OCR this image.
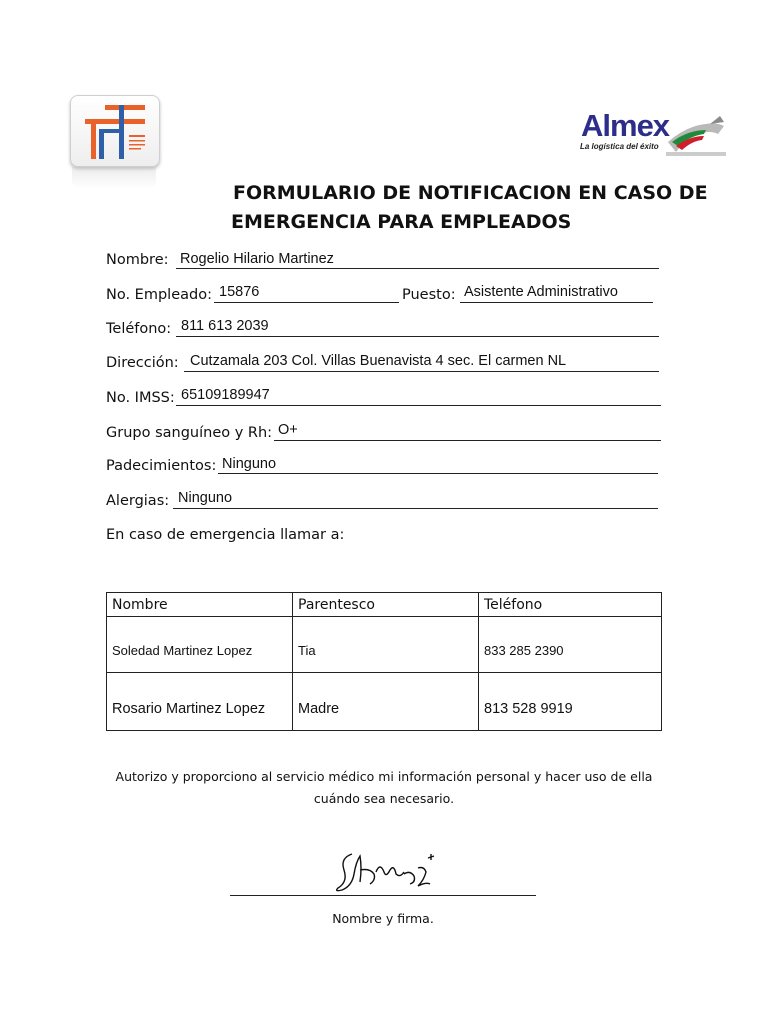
Almex
La logística del éxito
FORMULARIO DE NOTIFICACION EN CASO DE
EMERGENCIA PARA EMPLEADOS
Nombre: Rogelio Hilario Martinez
No. Empleado: 15876	Puesto: Asistente Administrativo
Teléfono: 811 613 2039
Dirección: Cutzamala 203 Col. Villas Buenavista 4 sec. El carmen NL
No. IMSS: 65109189947
Grupo sanguíneo y Rh: O+
Padecimientos: Ninguno
Alergias: Ninguno
En caso de emergencia llamar a:
Nombre	Parentesco	Teléfono
Soledad Martinez Lopez	Tia	833 285 2390
Rosario Martinez Lopez	Madre	813 528 9919
Autorizo y proporciono al servicio médico mi información personal y hacer uso de ella cuándo sea necesario.
Nombre y firma.
